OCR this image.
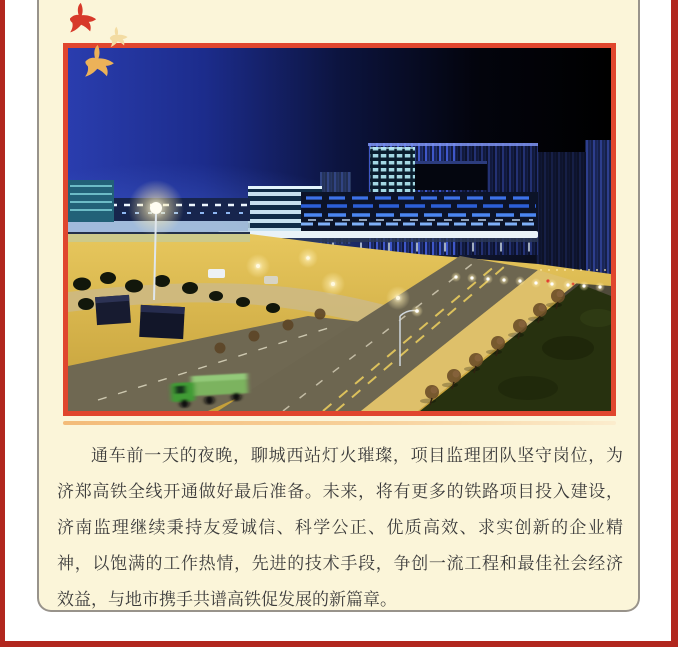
通车前一天的夜晚，聊城西站灯火璀璨，项目监理团队坚守岗位，为
济郑高铁全线开通做好最后准备。未来，将有更多的铁路项目投入建设，
济南监理继续秉持友爱诚信、科学公正、优质高效、求实创新的企业精
神，以饱满的工作热情，先进的技术手段，争创一流工程和最佳社会经济
效益，与地市携手共谱高铁促发展的新篇章。
